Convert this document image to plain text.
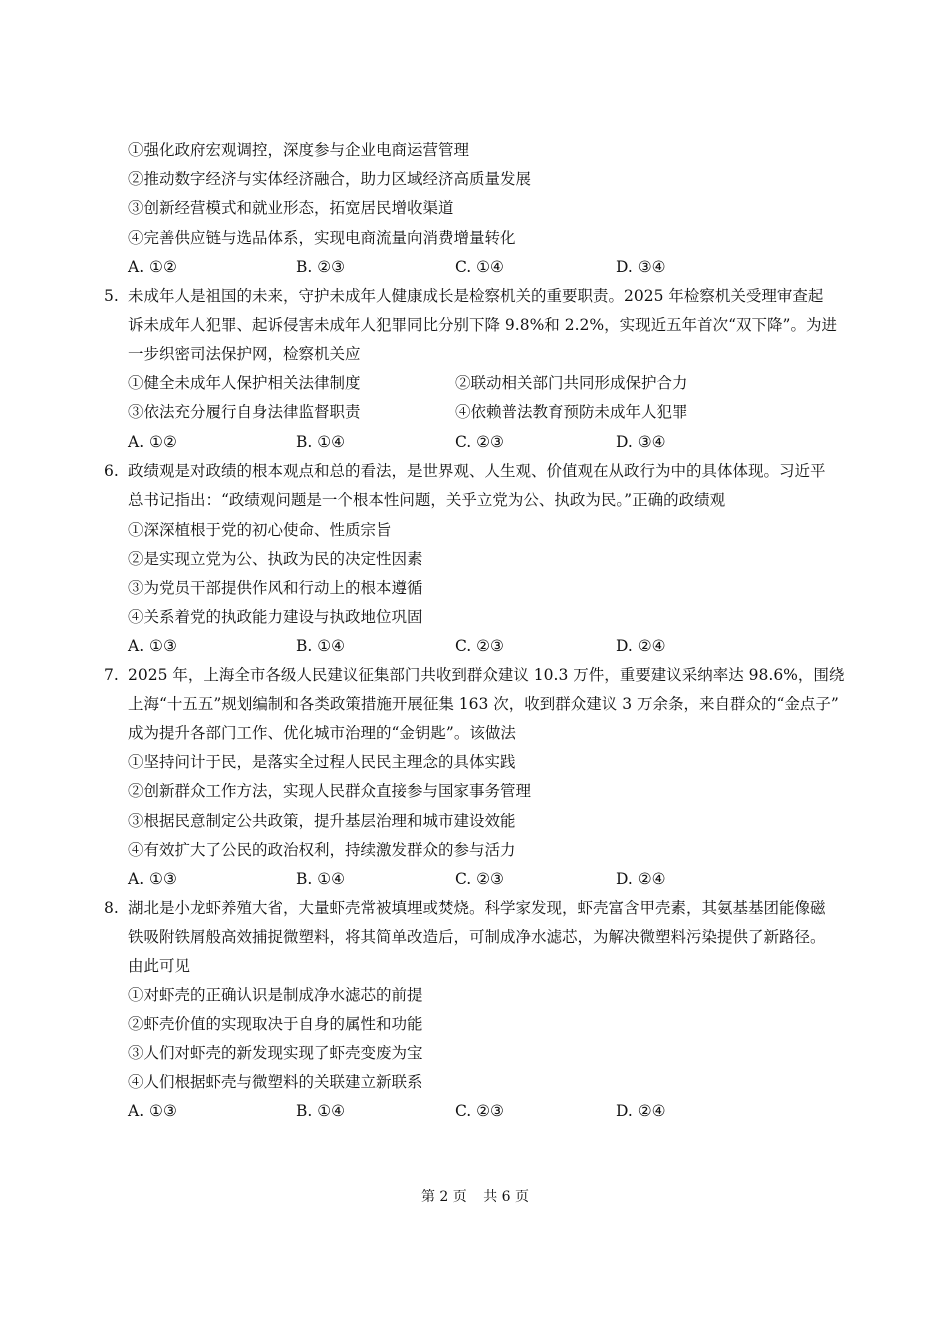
①强化政府宏观调控，深度参与企业电商运营管理
②推动数字经济与实体经济融合，助力区域经济高质量发展
③创新经营模式和就业形态，拓宽居民增收渠道
④完善供应链与选品体系，实现电商流量向消费增量转化
A. ①②	B. ②③	C. ①④	D. ③④
5. 未成年人是祖国的未来，守护未成年人健康成长是检察机关的重要职责。2025 年检察机关受理审查起
诉未成年人犯罪、起诉侵害未成年人犯罪同比分别下降 9.8%和 2.2%，实现近五年首次“双下降”。为进
一步织密司法保护网，检察机关应
①健全未成年人保护相关法律制度	②联动相关部门共同形成保护合力
③依法充分履行自身法律监督职责	④依赖普法教育预防未成年人犯罪
A. ①②	B. ①④	C. ②③	D. ③④
6. 政绩观是对政绩的根本观点和总的看法，是世界观、人生观、价值观在从政行为中的具体体现。习近平
总书记指出：“政绩观问题是一个根本性问题，关乎立党为公、执政为民。”正确的政绩观
①深深植根于党的初心使命、性质宗旨
②是实现立党为公、执政为民的决定性因素
③为党员干部提供作风和行动上的根本遵循
④关系着党的执政能力建设与执政地位巩固
A. ①③	B. ①④	C. ②③	D. ②④
7. 2025 年，上海全市各级人民建议征集部门共收到群众建议 10.3 万件，重要建议采纳率达 98.6%，围绕
上海“十五五”规划编制和各类政策措施开展征集 163 次，收到群众建议 3 万余条，来自群众的“金点子”
成为提升各部门工作、优化城市治理的“金钥匙”。该做法
①坚持问计于民，是落实全过程人民民主理念的具体实践
②创新群众工作方法，实现人民群众直接参与国家事务管理
③根据民意制定公共政策，提升基层治理和城市建设效能
④有效扩大了公民的政治权利，持续激发群众的参与活力
A. ①③	B. ①④	C. ②③	D. ②④
8. 湖北是小龙虾养殖大省，大量虾壳常被填埋或焚烧。科学家发现，虾壳富含甲壳素，其氨基基团能像磁
铁吸附铁屑般高效捕捉微塑料，将其简单改造后，可制成净水滤芯，为解决微塑料污染提供了新路径。
由此可见
①对虾壳的正确认识是制成净水滤芯的前提
②虾壳价值的实现取决于自身的属性和功能
③人们对虾壳的新发现实现了虾壳变废为宝
④人们根据虾壳与微塑料的关联建立新联系
A. ①③	B. ①④	C. ②③	D. ②④
第 2 页 共 6 页
